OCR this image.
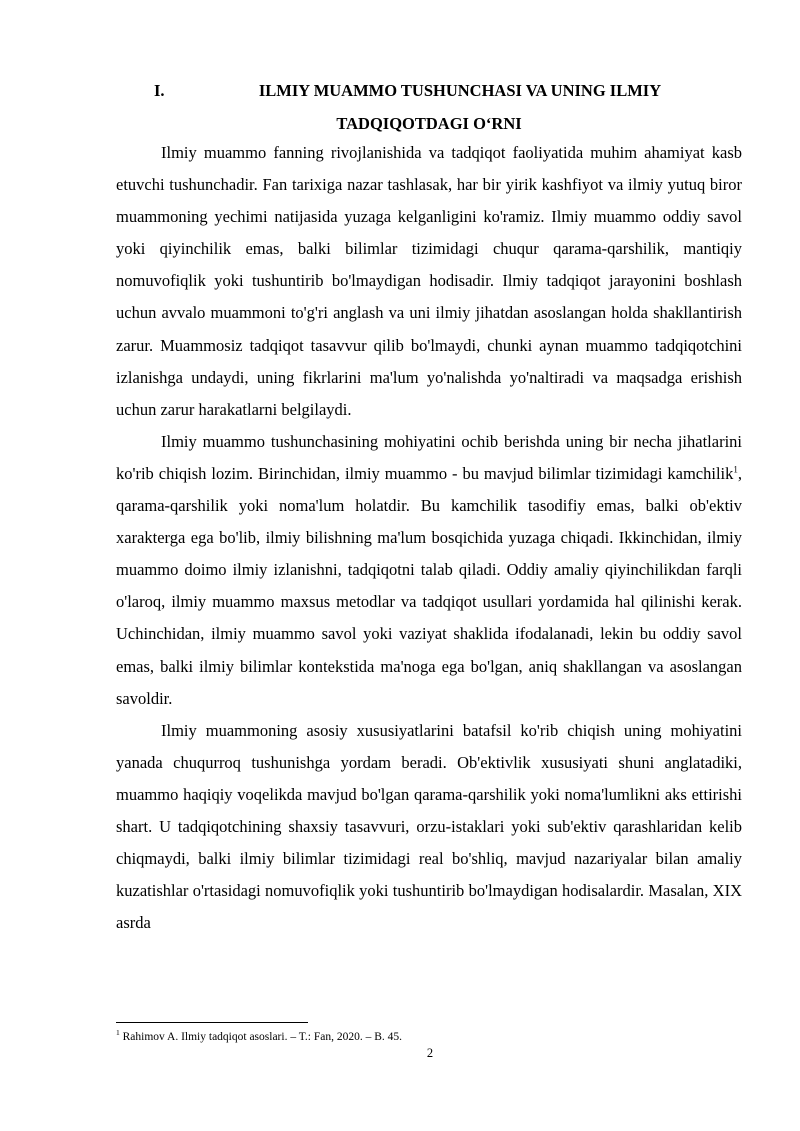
I.	ILMIY MUAMMO TUSHUNCHASI VA UNING ILMIY
TADQIQOTDAGI O‘RNI

Ilmiy muammo fanning rivojlanishida va tadqiqot faoliyatida muhim ahamiyat kasb etuvchi tushunchadir. Fan tarixiga nazar tashlasak, har bir yirik kashfiyot va ilmiy yutuq biror muammoning yechimi natijasida yuzaga kelganligini ko'ramiz. Ilmiy muammo oddiy savol yoki qiyinchilik emas, balki bilimlar tizimidagi chuqur qarama-qarshilik, mantiqiy nomuvofiqlik yoki tushuntirib bo'lmaydigan hodisadir. Ilmiy tadqiqot jarayonini boshlash uchun avvalo muammoni to'g'ri anglash va uni ilmiy jihatdan asoslangan holda shakllantirish zarur. Muammosiz tadqiqot tasavvur qilib bo'lmaydi, chunki aynan muammo tadqiqotchini izlanishga undaydi, uning fikrlarini ma'lum yo'nalishda yo'naltiradi va maqsadga erishish uchun zarur harakatlarni belgilaydi.

Ilmiy muammo tushunchasining mohiyatini ochib berishda uning bir necha jihatlarini ko'rib chiqish lozim. Birinchidan, ilmiy muammo - bu mavjud bilimlar tizimidagi kamchilik$^1$, qarama-qarshilik yoki noma'lum holatdir. Bu kamchilik tasodifiy emas, balki ob'ektiv xarakterga ega bo'lib, ilmiy bilishning ma'lum bosqichida yuzaga chiqadi. Ikkinchidan, ilmiy muammo doimo ilmiy izlanishni, tadqiqotni talab qiladi. Oddiy amaliy qiyinchilikdan farqli o'laroq, ilmiy muammo maxsus metodlar va tadqiqot usullari yordamida hal qilinishi kerak. Uchinchidan, ilmiy muammo savol yoki vaziyat shaklida ifodalanadi, lekin bu oddiy savol emas, balki ilmiy bilimlar kontekstida ma'noga ega bo'lgan, aniq shakllangan va asoslangan savoldir.

Ilmiy muammoning asosiy xususiyatlarini batafsil ko'rib chiqish uning mohiyatini yanada chuqurroq tushunishga yordam beradi. Ob'ektivlik xususiyati shuni anglatadiki, muammo haqiqiy voqelikda mavjud bo'lgan qarama-qarshilik yoki noma'lumlikni aks ettirishi shart. U tadqiqotchining shaxsiy tasavvuri, orzu-istaklari yoki sub'ektiv qarashlaridan kelib chiqmaydi, balki ilmiy bilimlar tizimidagi real bo'shliq, mavjud nazariyalar bilan amaliy kuzatishlar o'rtasidagi nomuvofiqlik yoki tushuntirib bo'lmaydigan hodisalardir. Masalan, XIX asrda

$^1$ Rahimov A. Ilmiy tadqiqot asoslari. – T.: Fan, 2020. – B. 45.
2
